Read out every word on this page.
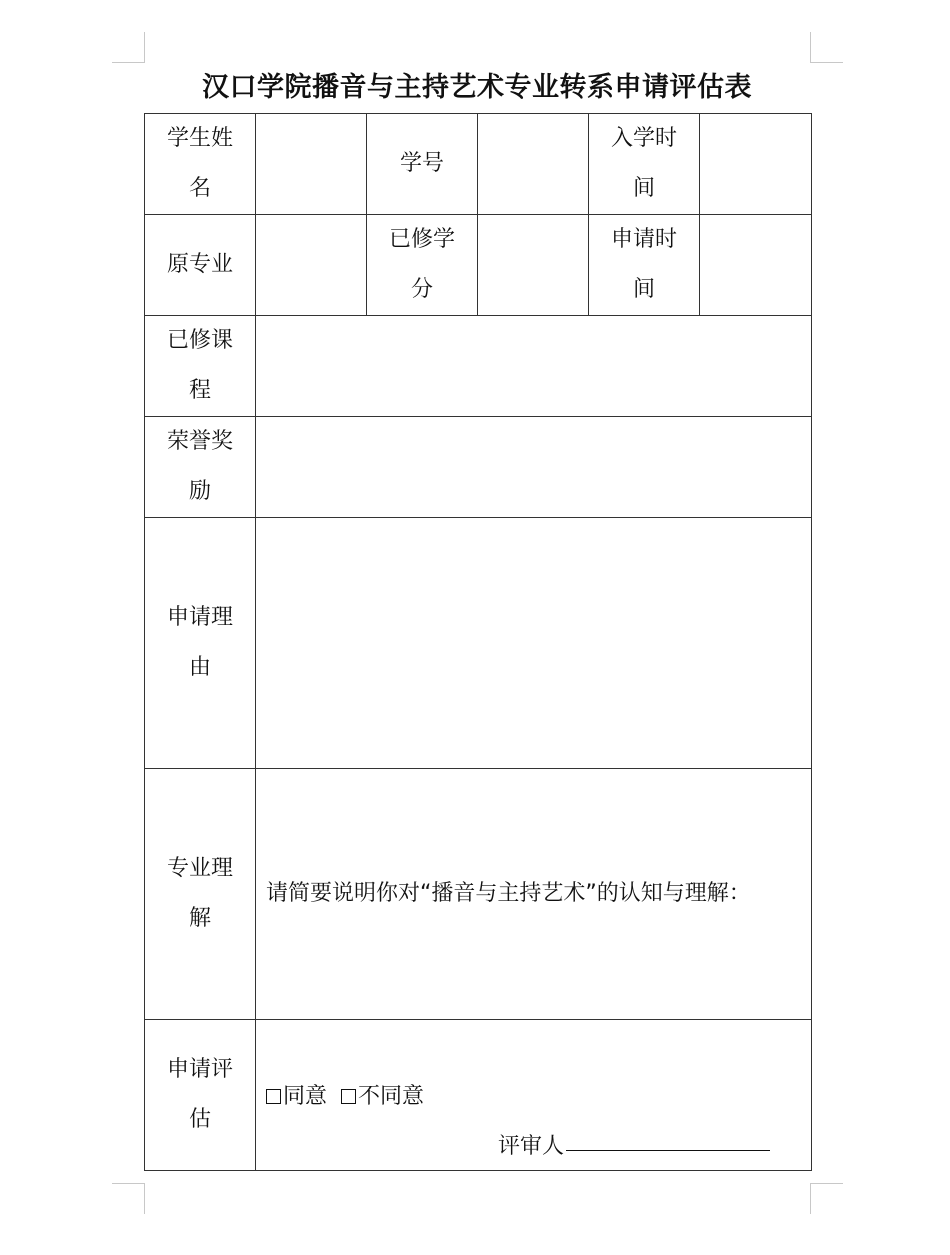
汉口学院播音与主持艺术专业转系申请评估表
学生姓名		学号		入学时间	
原专业		已修学分		申请时间	
已修课程					
荣誉奖励					
申请理由					
专业理解	请简要说明你对“播音与主持艺术”的认知与理解：				

申请评估	同意 不同意
评审人				
